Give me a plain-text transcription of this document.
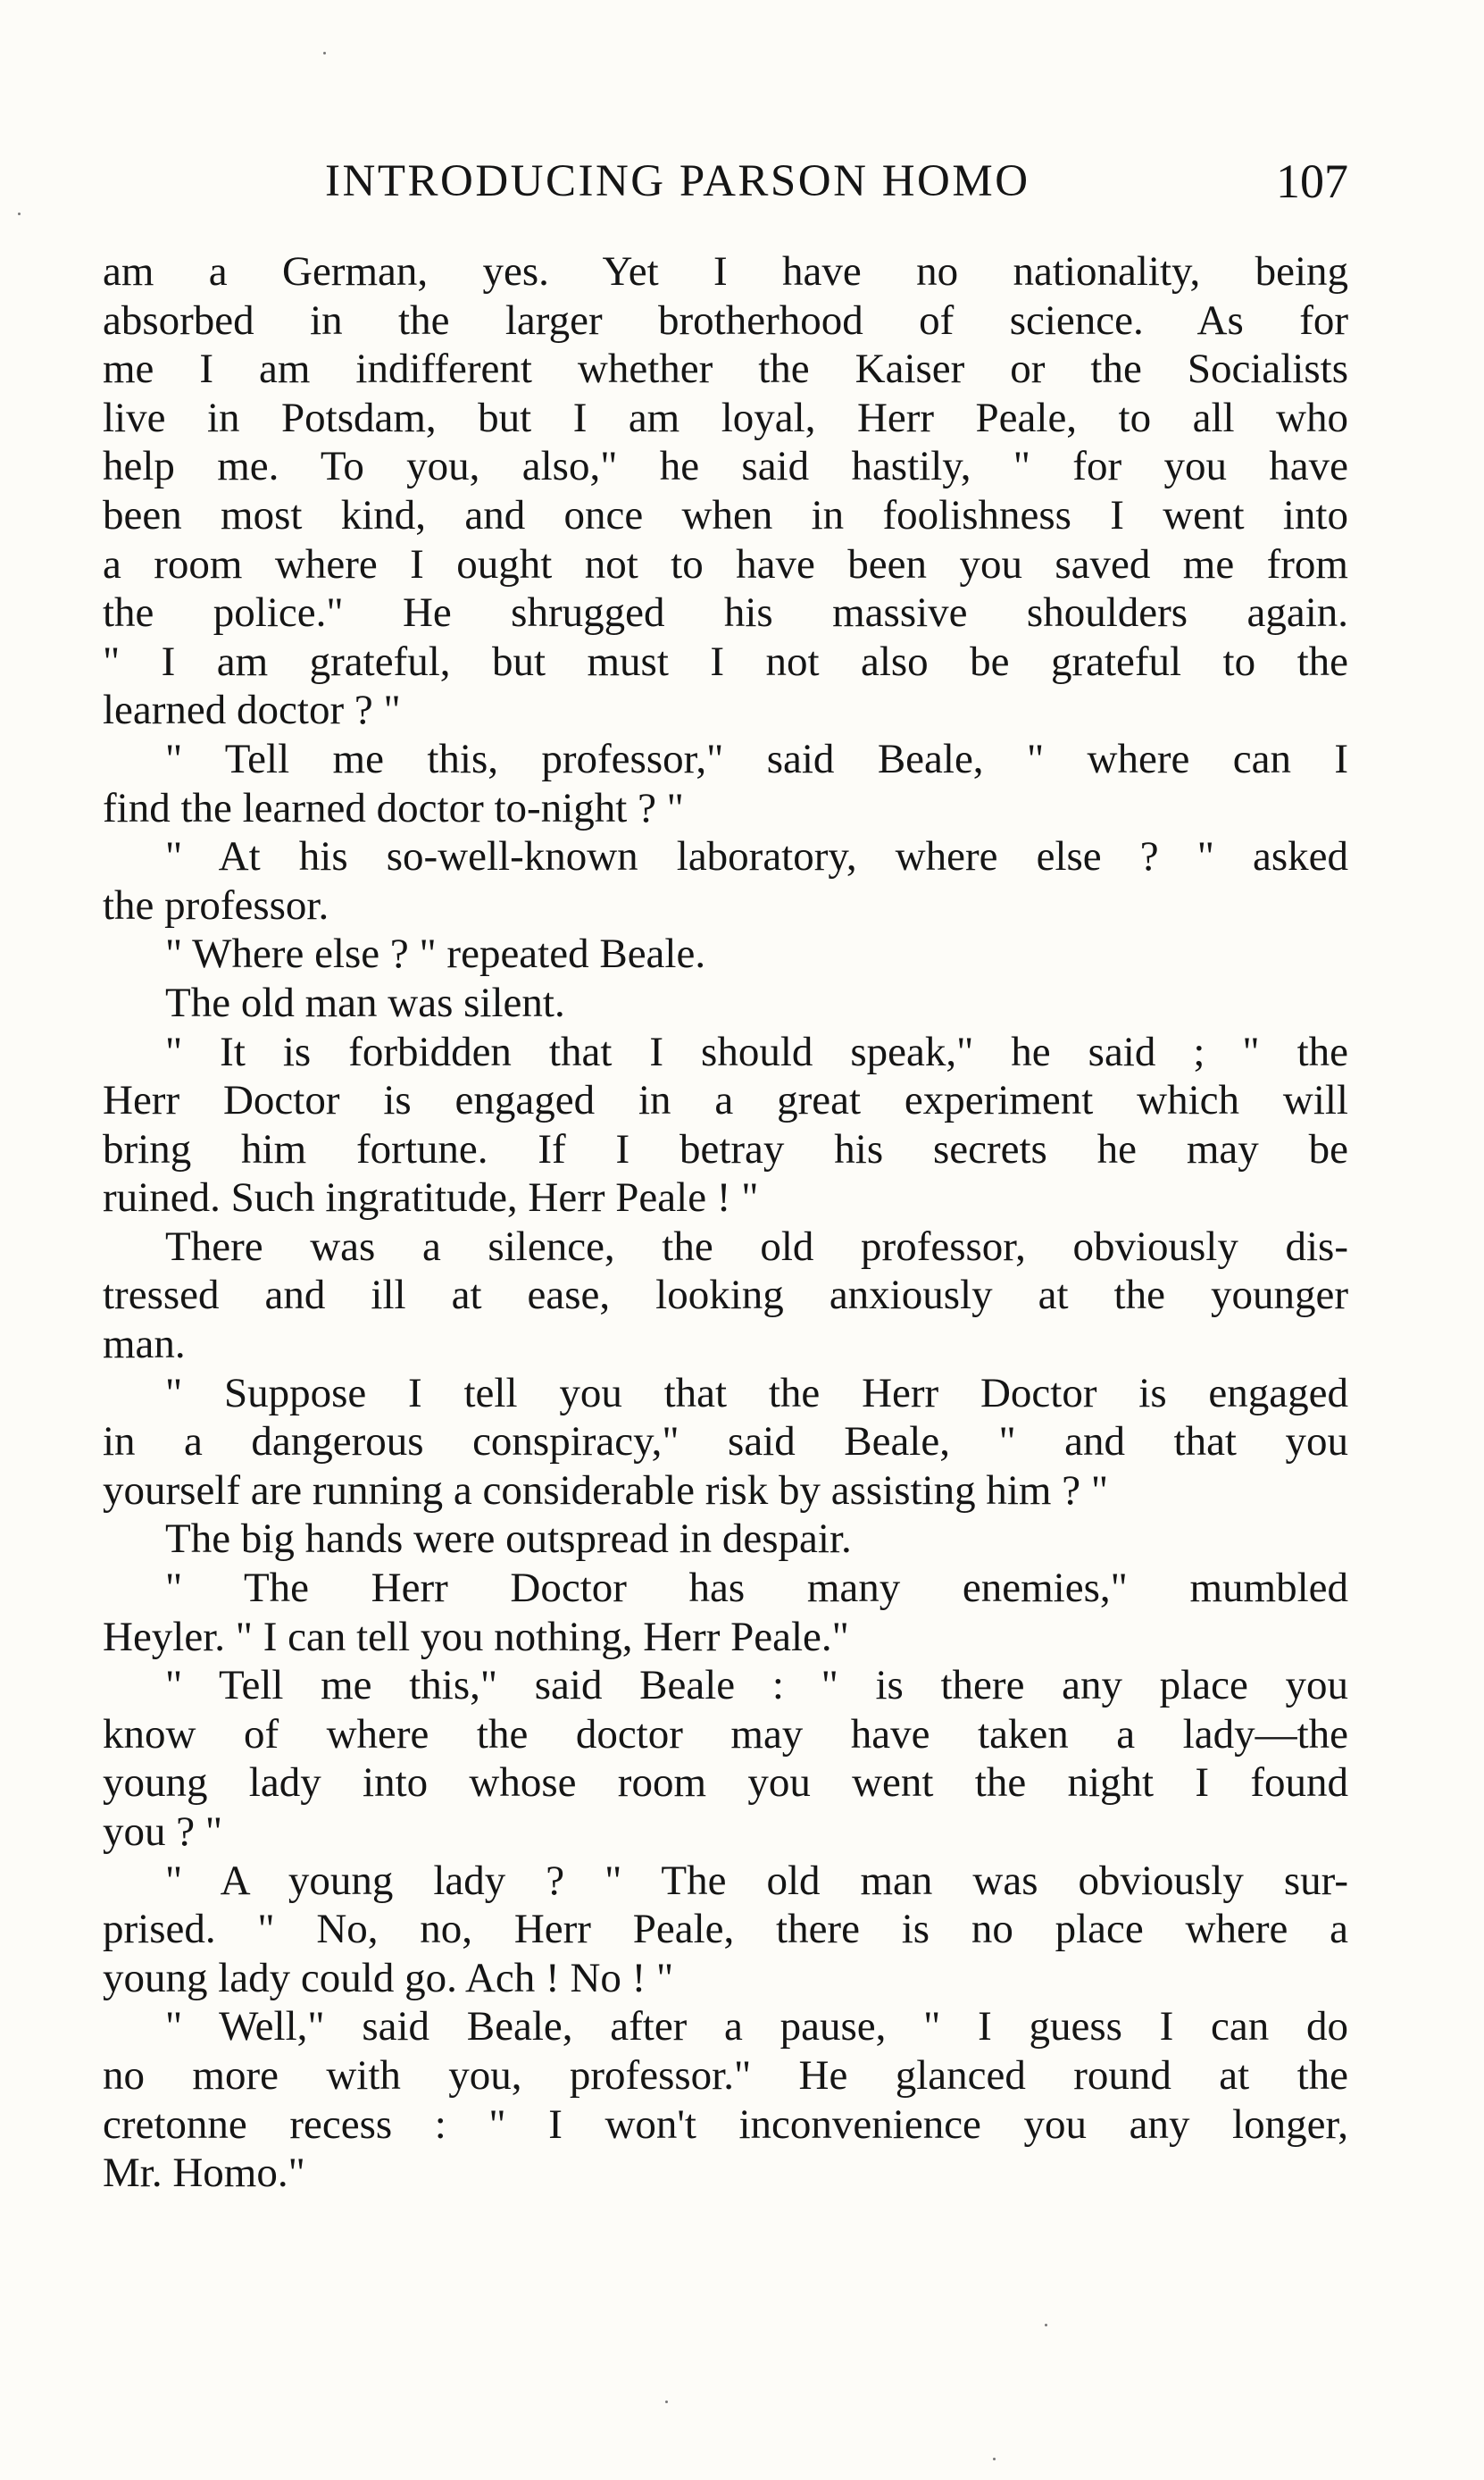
INTRODUCING PARSON HOMO	107
am a German, yes. Yet I have no nationality, being
absorbed in the larger brotherhood of science. As for
me I am indifferent whether the Kaiser or the Socialists
live in Potsdam, but I am loyal, Herr Peale, to all who
help me. To you, also," he said hastily, " for you have
been most kind, and once when in foolishness I went into
a room where I ought not to have been you saved me from
the police." He shrugged his massive shoulders again.
" I am grateful, but must I not also be grateful to the
learned doctor ? "
" Tell me this, professor," said Beale, " where can I
find the learned doctor to-night ? "
" At his so-well-known laboratory, where else ? " asked
the professor.
" Where else ? " repeated Beale.
The old man was silent.
" It is forbidden that I should speak," he said ; " the
Herr Doctor is engaged in a great experiment which will
bring him fortune. If I betray his secrets he may be
ruined. Such ingratitude, Herr Peale ! "
There was a silence, the old professor, obviously dis-
tressed and ill at ease, looking anxiously at the younger
man.
" Suppose I tell you that the Herr Doctor is engaged
in a dangerous conspiracy," said Beale, " and that you
yourself are running a considerable risk by assisting him ? "
The big hands were outspread in despair.
" The Herr Doctor has many enemies," mumbled
Heyler. " I can tell you nothing, Herr Peale."
" Tell me this," said Beale : " is there any place you
know of where the doctor may have taken a lady—the
young lady into whose room you went the night I found
you ? "
" A young lady ? " The old man was obviously sur-
prised. " No, no, Herr Peale, there is no place where a
young lady could go. Ach ! No ! "
" Well," said Beale, after a pause, " I guess I can do
no more with you, professor." He glanced round at the
cretonne recess : " I won't inconvenience you any longer,
Mr. Homo."
